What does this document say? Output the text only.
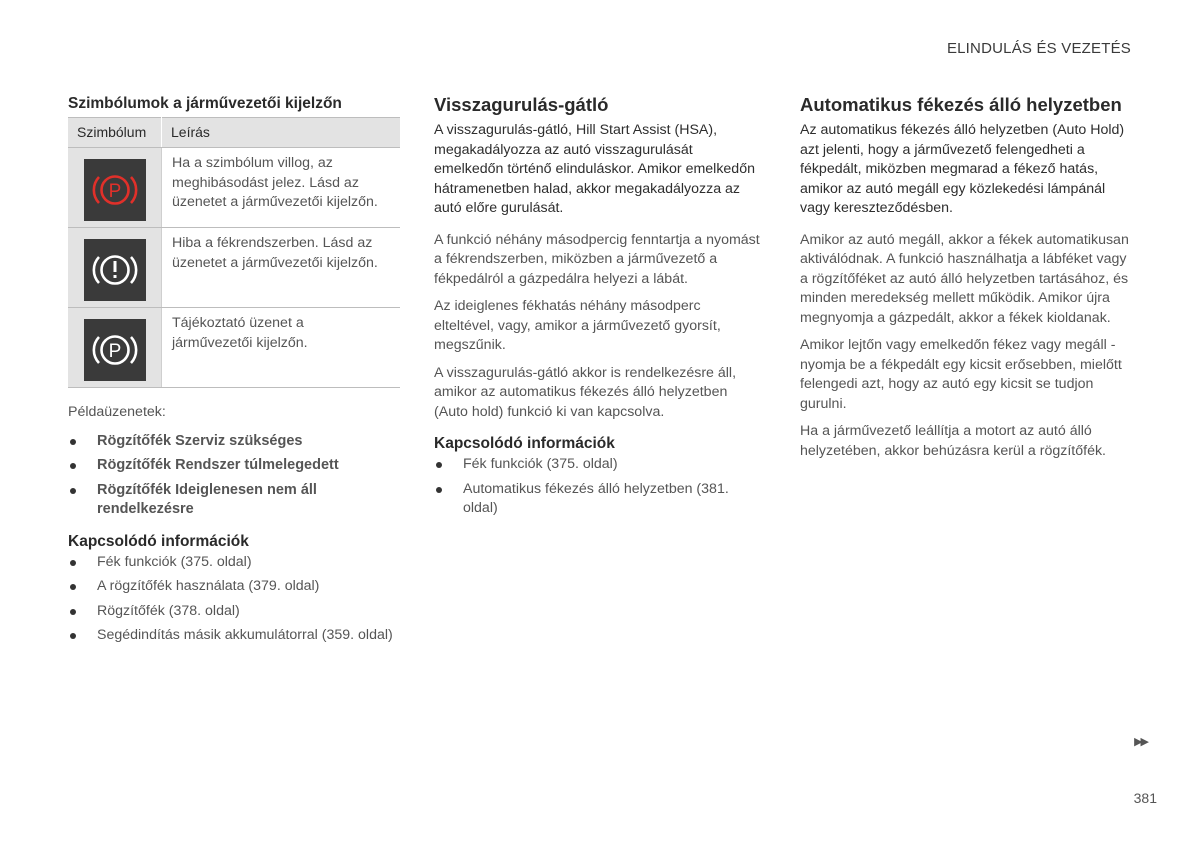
ELINDULÁS ÉS VEZETÉS

Szimbólumok a járművezetői kijelzőn

Szimbólum	Leírás

P	Ha a szimbólum villog, az meghibásodást jelez. Lásd az üzenetet a járművezetői kijelzőn.

	Hiba a fékrendszerben. Lásd az üzenetet a járművezetői kijelzőn.

P	Tájékoztató üzenet a járművezetői kijelzőn.

Példaüzenetek:

Rögzítőfék Szerviz szükséges
Rögzítőfék Rendszer túlmelegedett
Rögzítőfék Ideiglenesen nem áll rendelkezésre

Kapcsolódó információk

Fék funkciók (375. oldal)
A rögzítőfék használata (379. oldal)
Rögzítőfék (378. oldal)
Segédindítás másik akkumulátorral (359. oldal)

Visszagurulás-gátló

A visszagurulás-gátló, Hill Start Assist (HSA), megakadályozza az autó visszagurulását emelkedőn történő elinduláskor. Amikor emelkedőn hátramenetben halad, akkor megakadályozza az autó előre gurulását.

A funkció néhány másodpercig fenntartja a nyomást a fékrendszerben, miközben a járművezető a fékpedálról a gázpedálra helyezi a lábát.

Az ideiglenes fékhatás néhány másodperc elteltével, vagy, amikor a járművezető gyorsít, megszűnik.

A visszagurulás-gátló akkor is rendelkezésre áll, amikor az automatikus fékezés álló helyzetben (Auto hold) funkció ki van kapcsolva.

Kapcsolódó információk

Fék funkciók (375. oldal)
Automatikus fékezés álló helyzetben (381. oldal)

Automatikus fékezés álló helyzetben

Az automatikus fékezés álló helyzetben (Auto Hold) azt jelenti, hogy a járművezető felengedheti a fékpedált, miközben megmarad a fékező hatás, amikor az autó megáll egy közlekedési lámpánál vagy kereszteződésben.

Amikor az autó megáll, akkor a fékek automatikusan aktiválódnak. A funkció használhatja a lábféket vagy a rögzítőféket az autó álló helyzetben tartásához, és minden meredekség mellett működik. Amikor újra megnyomja a gázpedált, akkor a fékek kioldanak.

Amikor lejtőn vagy emelkedőn fékez vagy megáll - nyomja be a fékpedált egy kicsit erősebben, mielőtt felengedi azt, hogy az autó egy kicsit se tudjon gurulni.

Ha a járművezető leállítja a motort az autó álló helyzetében, akkor behúzásra kerül a rögzítőfék.

▶▶
381
